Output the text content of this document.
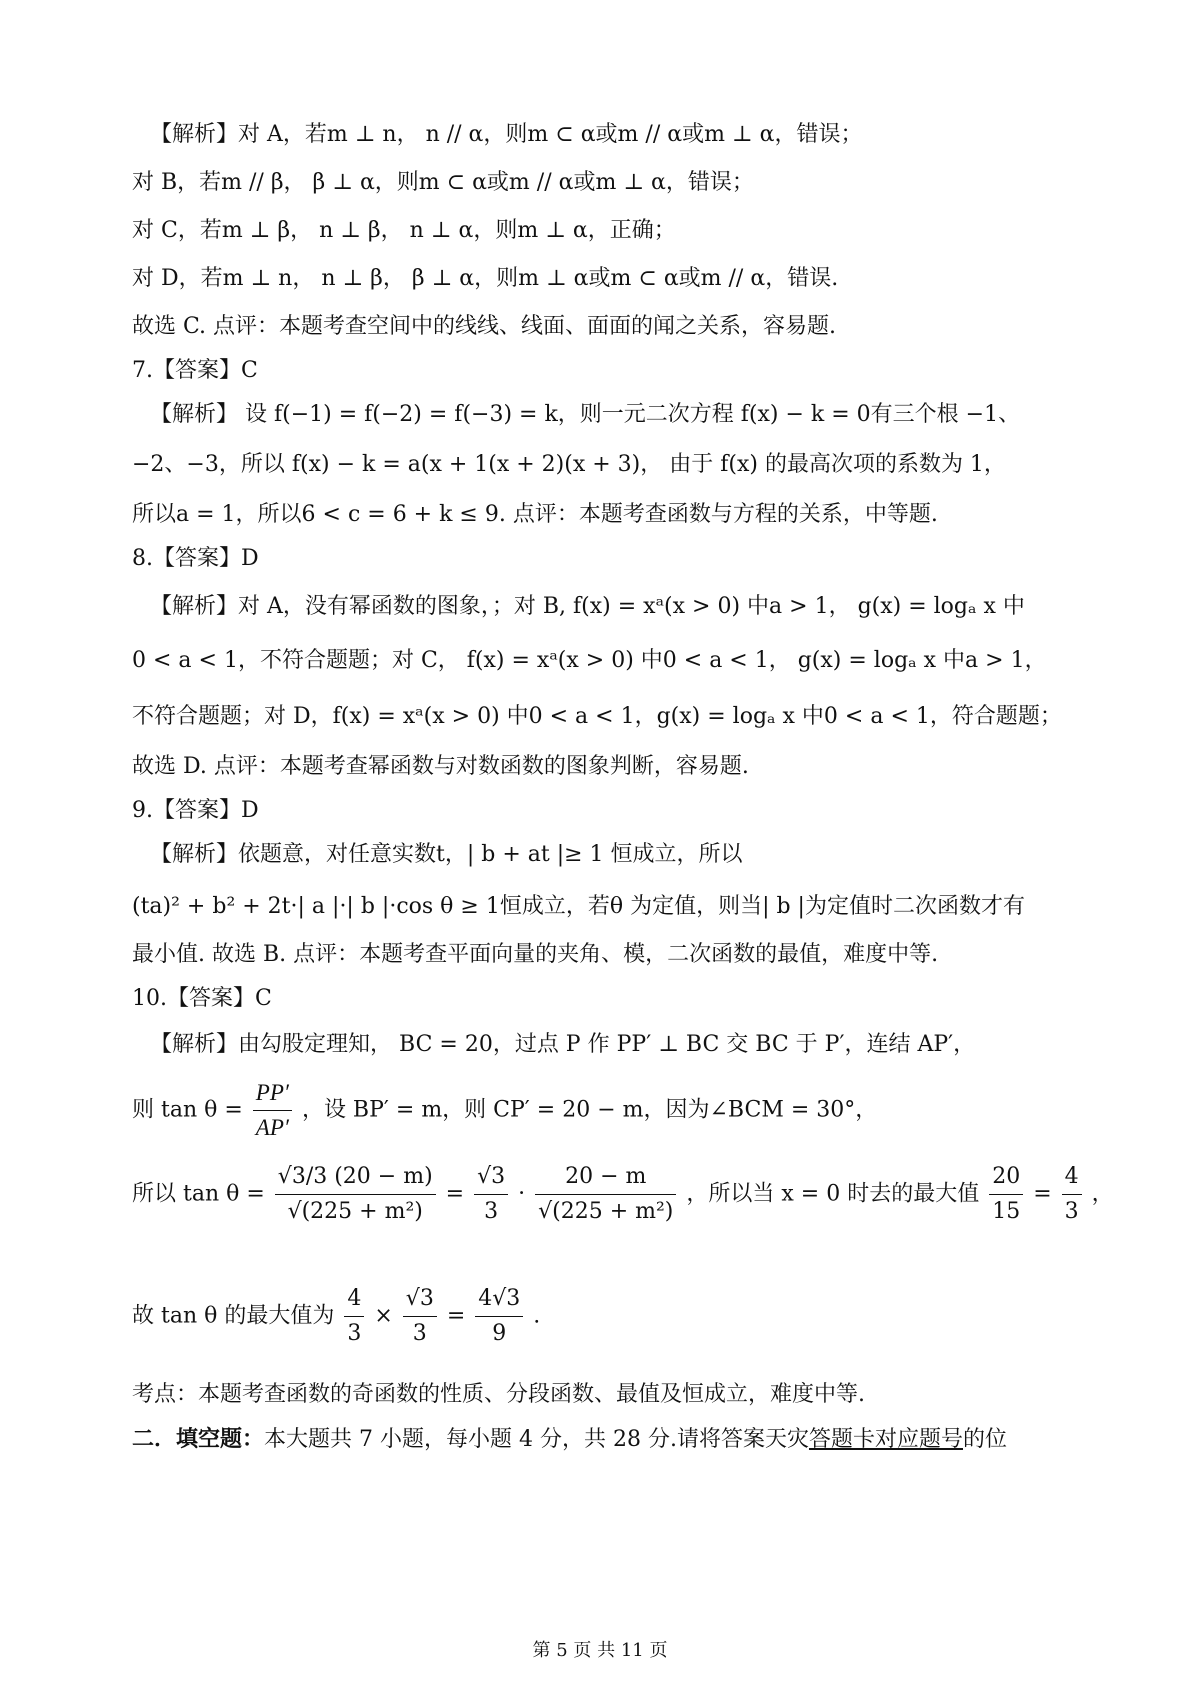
【解析】对 A，若m ⊥ n， n // α，则m ⊂ α或m // α或m ⊥ α，错误；
对 B，若m // β， β ⊥ α，则m ⊂ α或m // α或m ⊥ α，错误；
对 C，若m ⊥ β， n ⊥ β， n ⊥ α，则m ⊥ α，正确；
对 D，若m ⊥ n， n ⊥ β， β ⊥ α，则m ⊥ α或m ⊂ α或m // α，错误.
故选 C. 点评：本题考查空间中的线线、线面、面面的闻之关系，容易题.
7.【答案】C
【解析】 设 f(−1) = f(−2) = f(−3) = k，则一元二次方程 f(x) − k = 0有三个根 −1、
−2、−3，所以 f(x) − k = a(x + 1(x + 2)(x + 3)， 由于 f(x) 的最高次项的系数为 1，
所以a = 1，所以6 < c = 6 + k ≤ 9. 点评：本题考查函数与方程的关系，中等题.
8.【答案】D
【解析】对 A，没有幂函数的图象，；对 B, f(x) = xᵃ(x > 0) 中a > 1， g(x) = logₐ x 中
0 < a < 1，不符合题题；对 C， f(x) = xᵃ(x > 0) 中0 < a < 1， g(x) = logₐ x 中a > 1，
不符合题题；对 D，f(x) = xᵃ(x > 0) 中0 < a < 1，g(x) = logₐ x 中0 < a < 1，符合题题；
故选 D. 点评：本题考查幂函数与对数函数的图象判断，容易题.
9.【答案】D
【解析】依题意，对任意实数t，| b + at |≥ 1 恒成立，所以
(ta)² + b² + 2t·| a |·| b |·cos θ ≥ 1恒成立，若θ 为定值，则当| b |为定值时二次函数才有
最小值. 故选 B. 点评：本题考查平面向量的夹角、模，二次函数的最值，难度中等.
10.【答案】C
【解析】由勾股定理知， BC = 20，过点 P 作 PP′ ⊥ BC 交 BC 于 P′，连结 AP′，
则 $\tan \theta = \frac{PP'}{AP'}$ ，设 BP′ = m，则 CP′ = 20 − m，因为∠BCM = 30°，
所以 $\tan \theta = \frac{√3/3 (20 - m)}{\text{√(225 + m²)}} = \frac{√3}{3} \cdot \frac{20 - m}{\text{√(225 + m²)}}$ ，所以当 x = 0 时去的最大值 $\frac{20}{15} = \frac{4}{3}$ ，
故 tan θ 的最大值为 $\frac{4}{3} \times \frac{√3}{3} = \frac{4√3}{9}$ .
考点：本题考查函数的奇函数的性质、分段函数、最值及恒成立，难度中等.
二．填空题：本大题共 7 小题，每小题 4 分，共 28 分.请将答案天灾答题卡对应题号的位
第 5 页 共 11 页
